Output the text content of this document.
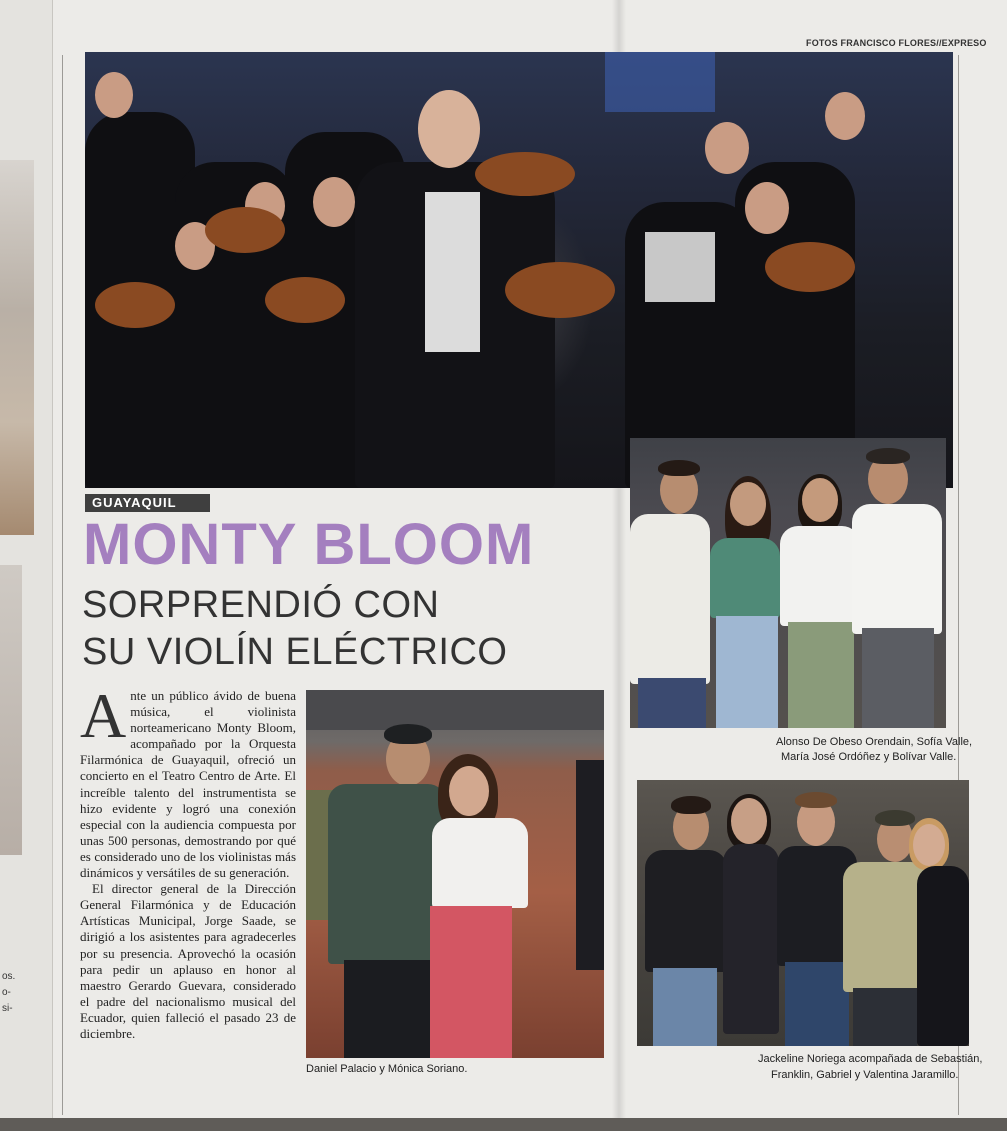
os.
o-
si-
FOTOS FRANCISCO FLORES//EXPRESO
GUAYAQUIL
MONTY BLOOM
SORPRENDIÓ CON
SU VIOLÍN ELÉCTRICO
A nte un público ávido de buena música, el violinista norteamericano Monty Bloom, acompañado por la Orquesta Filarmónica de Guayaquil, ofreció un concierto en el Teatro Centro de Arte. El increíble talento del instrumentista se hizo evidente y logró una conexión especial con la audiencia compuesta por unas 500 personas, demostrando por qué es considerado uno de los violinistas más dinámicos y versátiles de su generación.

El director general de la Dirección General Filarmónica y de Educación Artísticas Municipal, Jorge Saade, se dirigió a los asistentes para agradecerles por su presencia. Aprovechó la ocasión para pedir un aplauso en honor al maestro Gerardo Guevara, considerado el padre del nacionalismo musical del Ecuador, quien falleció el pasado 23 de diciembre.

Daniel Palacio y Mónica Soriano.
Alonso De Obeso Orendain, Sofía Valle,
María José Ordóñez y Bolívar Valle.
Jackeline Noriega acompañada de Sebastián,
Franklin, Gabriel y Valentina Jaramillo.
